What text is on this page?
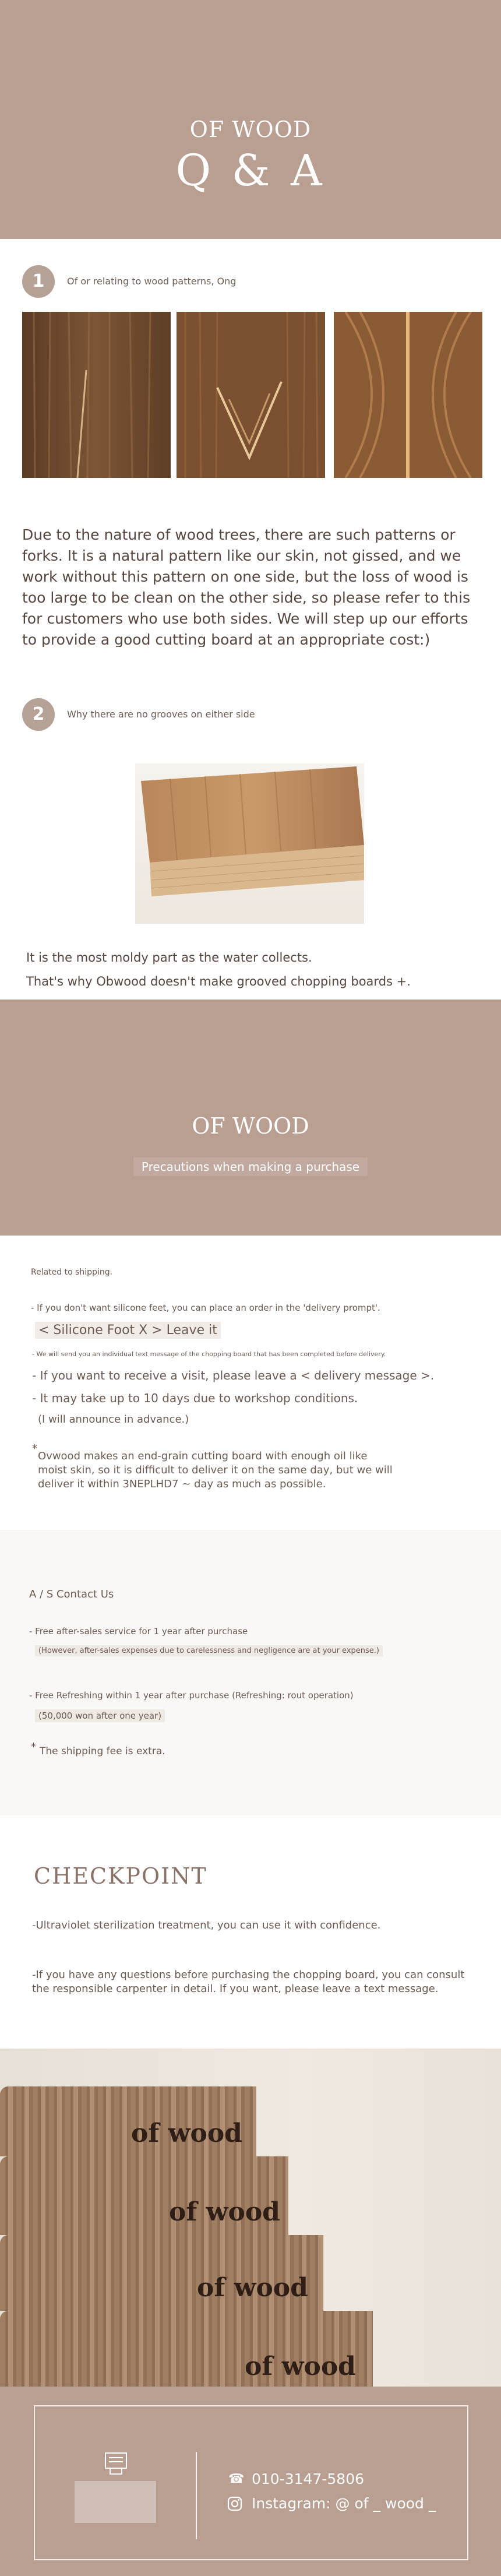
OF WOOD
Q & A
1	Of or relating to wood patterns, Ong
Due to the nature of wood trees, there are such patterns or forks. It is a natural pattern like our skin, not gissed, and we work without this pattern on one side, but the loss of wood is too large to be clean on the other side, so please refer to this for customers who use both sides. We will step up our efforts to provide a good cutting board at an appropriate cost:)
2	Why there are no grooves on either side
It is the most moldy part as the water collects.
That's why Obwood doesn't make grooved chopping boards +.
OF WOOD
Precautions when making a purchase
Related to shipping.
- If you don't want silicone feet, you can place an order in the 'delivery prompt'.
< Silicone Foot X > Leave it
- We will send you an individual text message of the chopping board that has been completed before delivery.
- If you want to receive a visit, please leave a < delivery message >.
- It may take up to 10 days due to workshop conditions.
(I will announce in advance.)
*
Ovwood makes an end-grain cutting board with enough oil like moist skin, so it is difficult to deliver it on the same day, but we will deliver it within 3NEPLHD7 ~ day as much as possible.
A / S Contact Us
- Free after-sales service for 1 year after purchase
(However, after-sales expenses due to carelessness and negligence are at your expense.)
- Free Refreshing within 1 year after purchase (Refreshing: rout operation)
(50,000 won after one year)
* The shipping fee is extra.
CHECKPOINT
-Ultraviolet sterilization treatment, you can use it with confidence.
-If you have any questions before purchasing the chopping board, you can consult the responsible carpenter in detail. If you want, please leave a text message.
of wood
of wood
of wood
of wood
☎ 010-3147-5806
Instagram: @ of _ wood _
